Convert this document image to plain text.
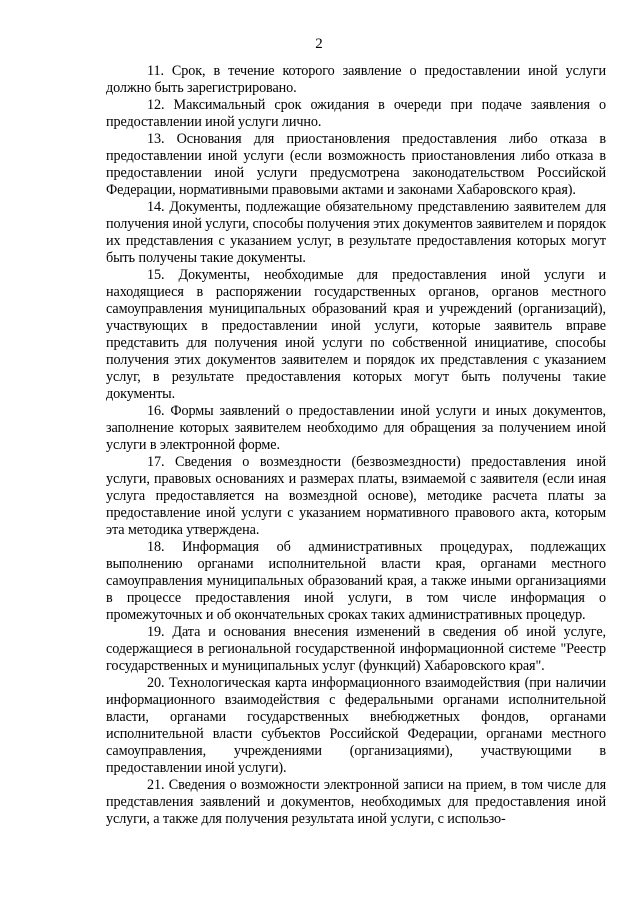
2

11. Срок, в течение которого заявление о предоставлении иной услуги должно быть зарегистрировано.

12. Максимальный срок ожидания в очереди при подаче заявления о предоставлении иной услуги лично.

13. Основания для приостановления предоставления либо отказа в предоставлении иной услуги (если возможность приостановления либо отказа в предоставлении иной услуги предусмотрена законодательством Российской Федерации, нормативными правовыми актами и законами Хабаровского края).

14. Документы, подлежащие обязательному представлению заявителем для получения иной услуги, способы получения этих документов заявителем и порядок их представления с указанием услуг, в результате предоставления которых могут быть получены такие документы.

15. Документы, необходимые для предоставления иной услуги и находящиеся в распоряжении государственных органов, органов местного самоуправления муниципальных образований края и учреждений (организаций), участвующих в предоставлении иной услуги, которые заявитель вправе представить для получения иной услуги по собственной инициативе, способы получения этих документов заявителем и порядок их представления с указанием услуг, в результате предоставления которых могут быть получены такие документы.

16. Формы заявлений о предоставлении иной услуги и иных документов, заполнение которых заявителем необходимо для обращения за получением иной услуги в электронной форме.

17. Сведения о возмездности (безвозмездности) предоставления иной услуги, правовых основаниях и размерах платы, взимаемой с заявителя (если иная услуга предоставляется на возмездной основе), методике расчета платы за предоставление иной услуги с указанием нормативного правового акта, которым эта методика утверждена.

18. Информация об административных процедурах, подлежащих выполнению органами исполнительной власти края, органами местного самоуправления муниципальных образований края, а также иными организациями в процессе предоставления иной услуги, в том числе информация о промежуточных и об окончательных сроках таких административных процедур.

19. Дата и основания внесения изменений в сведения об иной услуге, содержащиеся в региональной государственной информационной системе "Реестр государственных и муниципальных услуг (функций) Хабаровского края".

20. Технологическая карта информационного взаимодействия (при наличии информационного взаимодействия с федеральными органами исполнительной власти, органами государственных внебюджетных фондов, органами исполнительной власти субъектов Российской Федерации, органами местного самоуправления, учреждениями (организациями), участвующими в предоставлении иной услуги).

21. Сведения о возможности электронной записи на прием, в том числе для представления заявлений и документов, необходимых для предоставления иной услуги, а также для получения результата иной услуги, с использо-
